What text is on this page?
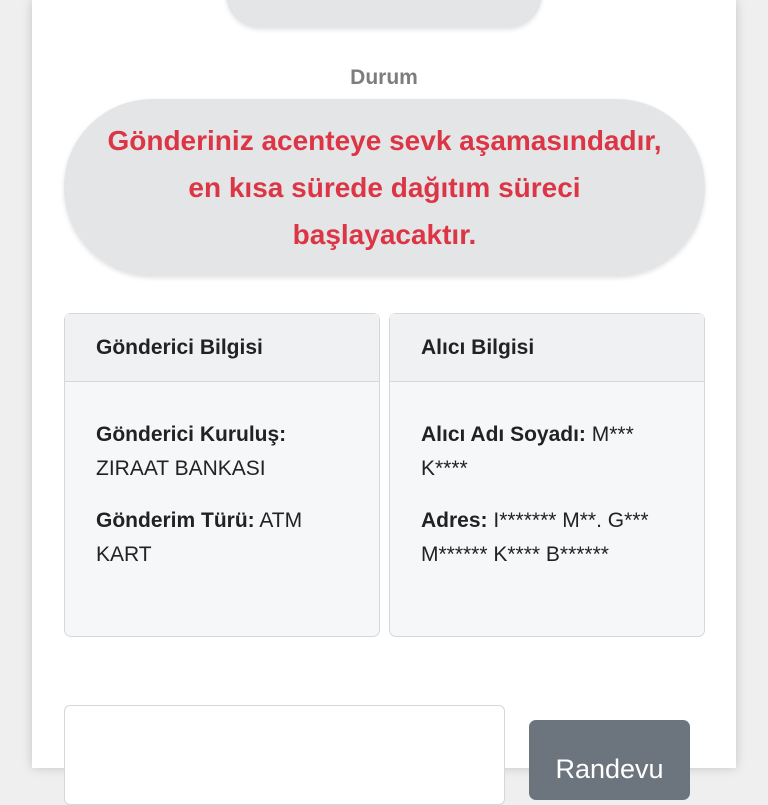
Durum
Gönderiniz acenteye sevk aşamasındadır, en kısa sürede dağıtım süreci başlayacaktır.
Gönderici Bilgisi
Gönderici Kuruluş: ZIRAAT BANKASI
Gönderim Türü: ATM KART
Alıcı Bilgisi
Alıcı Adı Soyadı: M*** K****
Adres: I******* M**. G*** M****** K**** B******
Randevu
